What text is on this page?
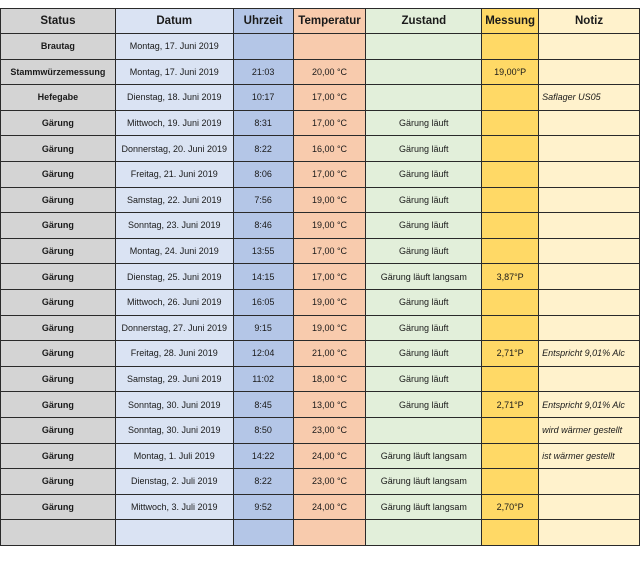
Status	Datum	Uhrzeit	Temperatur	Zustand	Messung	Notiz
Brautag	Montag, 17. Juni 2019					
Stammwürzemessung	Montag, 17. Juni 2019	21:03	20,00 °C		19,00°P	
Hefegabe	Dienstag, 18. Juni 2019	10:17	17,00 °C			Saflager US05
Gärung	Mittwoch, 19. Juni 2019	8:31	17,00 °C	Gärung läuft		
Gärung	Donnerstag, 20. Juni 2019	8:22	16,00 °C	Gärung läuft		
Gärung	Freitag, 21. Juni 2019	8:06	17,00 °C	Gärung läuft		
Gärung	Samstag, 22. Juni 2019	7:56	19,00 °C	Gärung läuft		
Gärung	Sonntag, 23. Juni 2019	8:46	19,00 °C	Gärung läuft		
Gärung	Montag, 24. Juni 2019	13:55	17,00 °C	Gärung läuft		
Gärung	Dienstag, 25. Juni 2019	14:15	17,00 °C	Gärung läuft langsam	3,87°P	
Gärung	Mittwoch, 26. Juni 2019	16:05	19,00 °C	Gärung läuft		
Gärung	Donnerstag, 27. Juni 2019	9:15	19,00 °C	Gärung läuft		
Gärung	Freitag, 28. Juni 2019	12:04	21,00 °C	Gärung läuft	2,71°P	Entspricht 9,01% Alc
Gärung	Samstag, 29. Juni 2019	11:02	18,00 °C	Gärung läuft		
Gärung	Sonntag, 30. Juni 2019	8:45	13,00 °C	Gärung läuft	2,71°P	Entspricht 9,01% Alc
Gärung	Sonntag, 30. Juni 2019	8:50	23,00 °C			wird wärmer gestellt
Gärung	Montag, 1. Juli 2019	14:22	24,00 °C	Gärung läuft langsam		ist wärmer gestellt
Gärung	Dienstag, 2. Juli 2019	8:22	23,00 °C	Gärung läuft langsam		
Gärung	Mittwoch, 3. Juli 2019	9:52	24,00 °C	Gärung läuft langsam	2,70°P	
